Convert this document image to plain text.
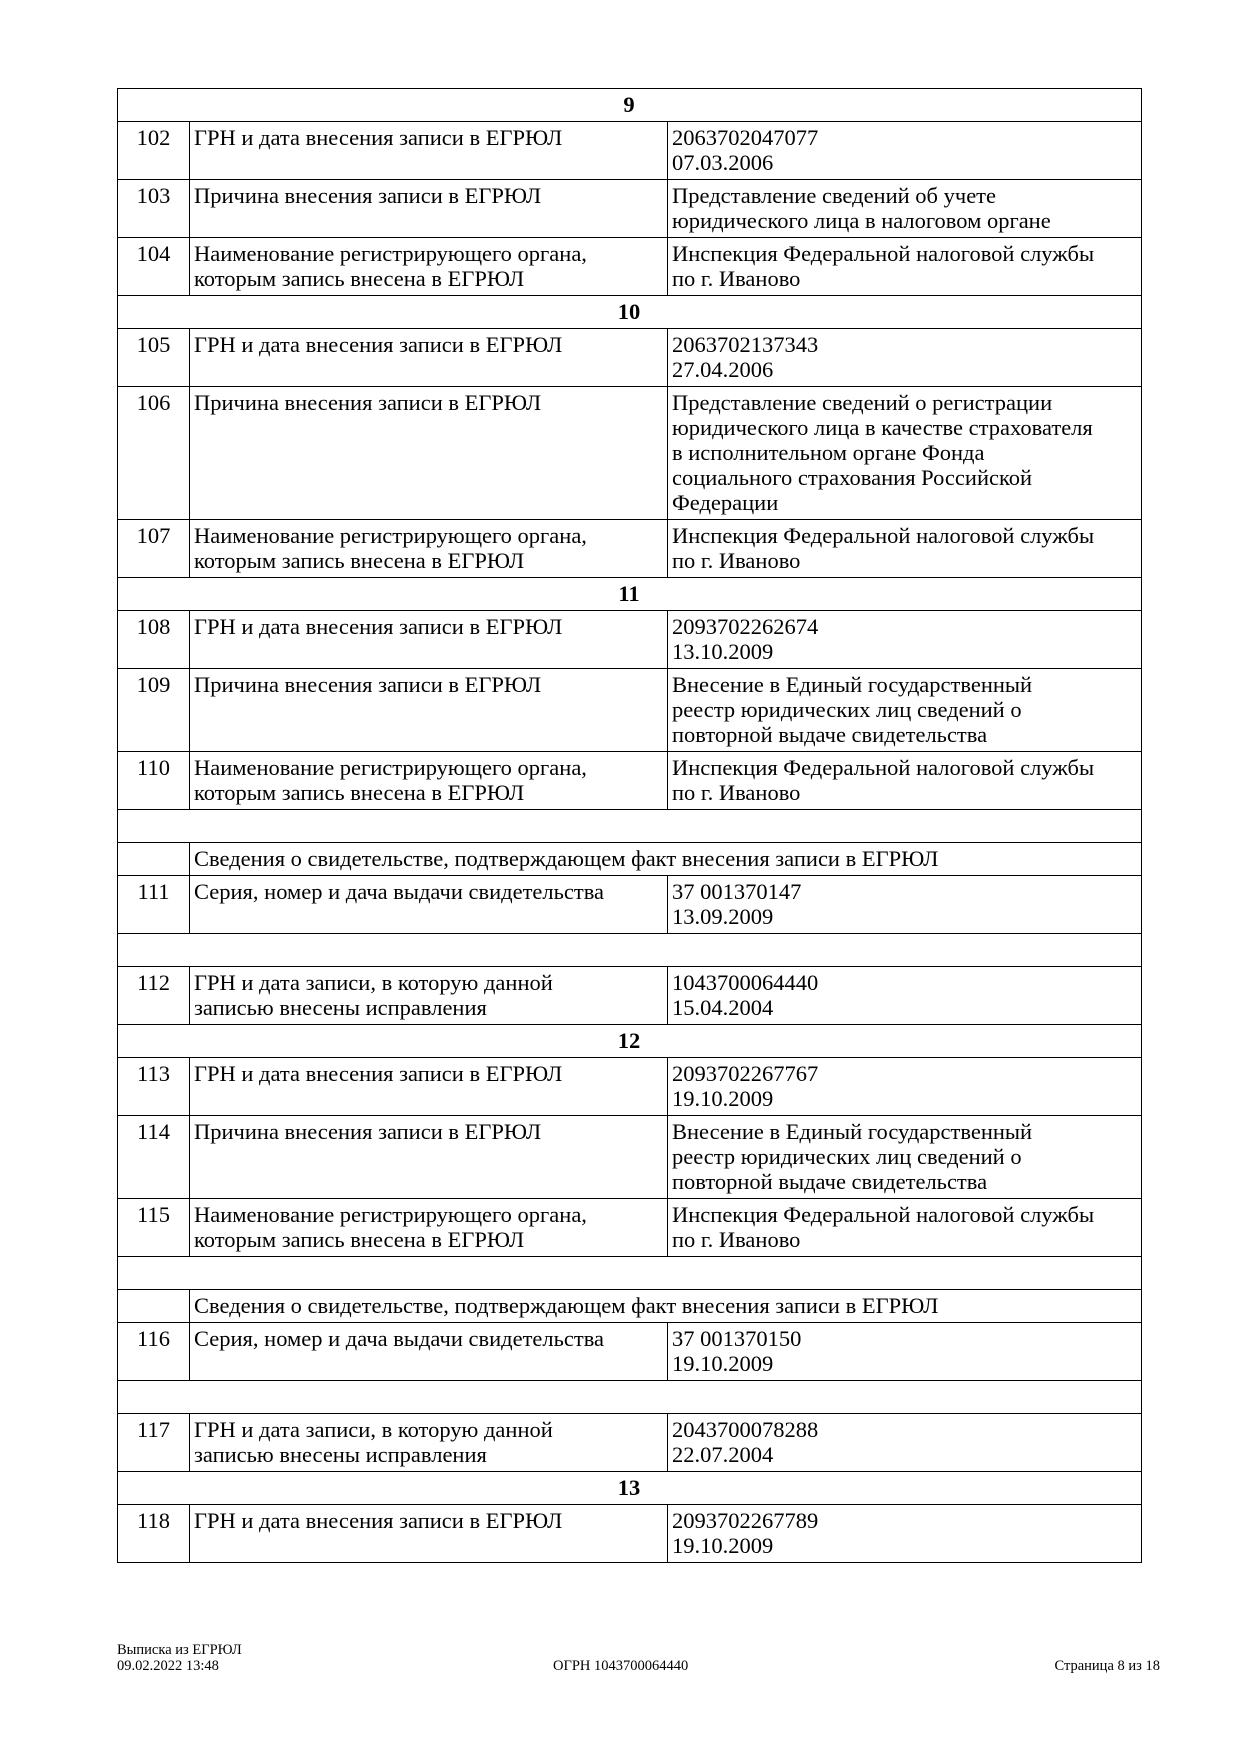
9		
102	ГРН и дата внесения записи в ЕГРЮЛ	2063702047077
07.03.2006

103	Причина внесения записи в ЕГРЮЛ	Представление сведений об учете
юридического лица в налоговом органе

104	Наименование регистрирующего органа,
которым запись внесена в ЕГРЮЛ	Инспекция Федеральной налоговой службы
по г. Иваново

10		
105	ГРН и дата внесения записи в ЕГРЮЛ	2063702137343
27.04.2006

106	Причина внесения записи в ЕГРЮЛ	Представление сведений о регистрации
юридического лица в качестве страхователя
в исполнительном органе Фонда
социального страхования Российской
Федерации

107	Наименование регистрирующего органа,
которым запись внесена в ЕГРЮЛ	Инспекция Федеральной налоговой службы
по г. Иваново

11		
108	ГРН и дата внесения записи в ЕГРЮЛ	2093702262674
13.10.2009

109	Причина внесения записи в ЕГРЮЛ	Внесение в Единый государственный
реестр юридических лиц сведений о
повторной выдаче свидетельства

110	Наименование регистрирующего органа,
которым запись внесена в ЕГРЮЛ	Инспекция Федеральной налоговой службы
по г. Иваново

	Сведения о свидетельстве, подтверждающем факт внесения записи в ЕГРЮЛ	
111	Серия, номер и дача выдачи свидетельства	37 001370147
13.09.2009

112	ГРН и дата записи, в которую данной
записью внесены исправления	1043700064440
15.04.2004

12		
113	ГРН и дата внесения записи в ЕГРЮЛ	2093702267767
19.10.2009

114	Причина внесения записи в ЕГРЮЛ	Внесение в Единый государственный
реестр юридических лиц сведений о
повторной выдаче свидетельства

115	Наименование регистрирующего органа,
которым запись внесена в ЕГРЮЛ	Инспекция Федеральной налоговой службы
по г. Иваново

	Сведения о свидетельстве, подтверждающем факт внесения записи в ЕГРЮЛ	
116	Серия, номер и дача выдачи свидетельства	37 001370150
19.10.2009

117	ГРН и дата записи, в которую данной
записью внесены исправления	2043700078288
22.07.2004

13		
118	ГРН и дата внесения записи в ЕГРЮЛ	2093702267789
19.10.2009
Выписка из ЕГРЮЛ
09.02.2022 13:48	ОГРН 1043700064440	Страница 8 из 18
